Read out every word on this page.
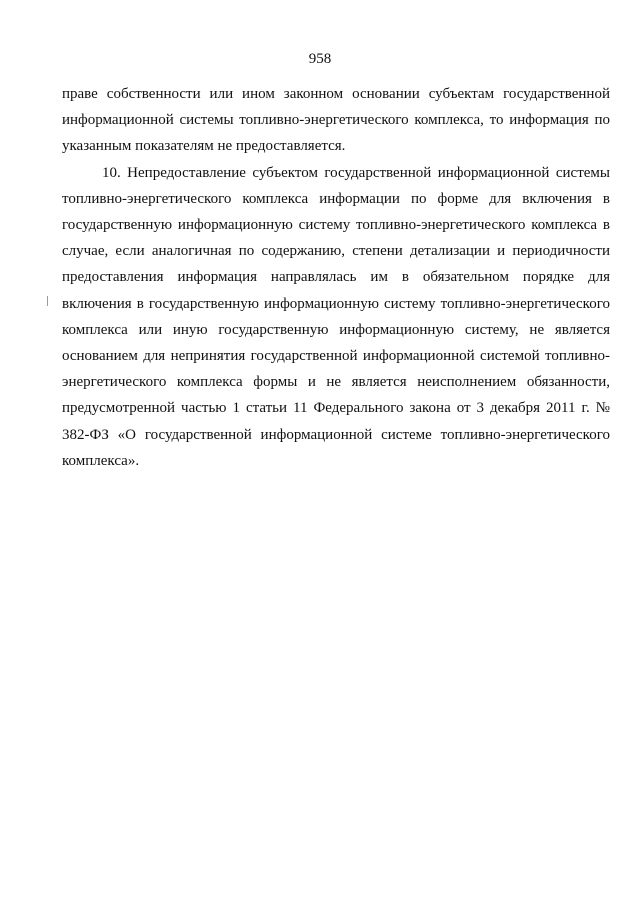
958

праве собственности или ином законном основании субъектам государственной информационной системы топливно-энергетического комплекса, то информация по указанным показателям не предоставляется.

10. Непредоставление субъектом государственной информационной системы топливно-энергетического комплекса информации по форме для включения в государственную информационную систему топливно-энергетического комплекса в случае, если аналогичная по содержанию, степени детализации и периодичности предоставления информация направлялась им в обязательном порядке для включения в государственную информационную систему топливно-энергетического комплекса или иную государственную информационную систему, не является основанием для непринятия государственной информационной системой топливно-энергетического комплекса формы и не является неисполнением обязанности, предусмотренной частью 1 статьи 11 Федерального закона от 3 декабря 2011 г. № 382-ФЗ «О государственной информационной системе топливно-энергетического комплекса».
